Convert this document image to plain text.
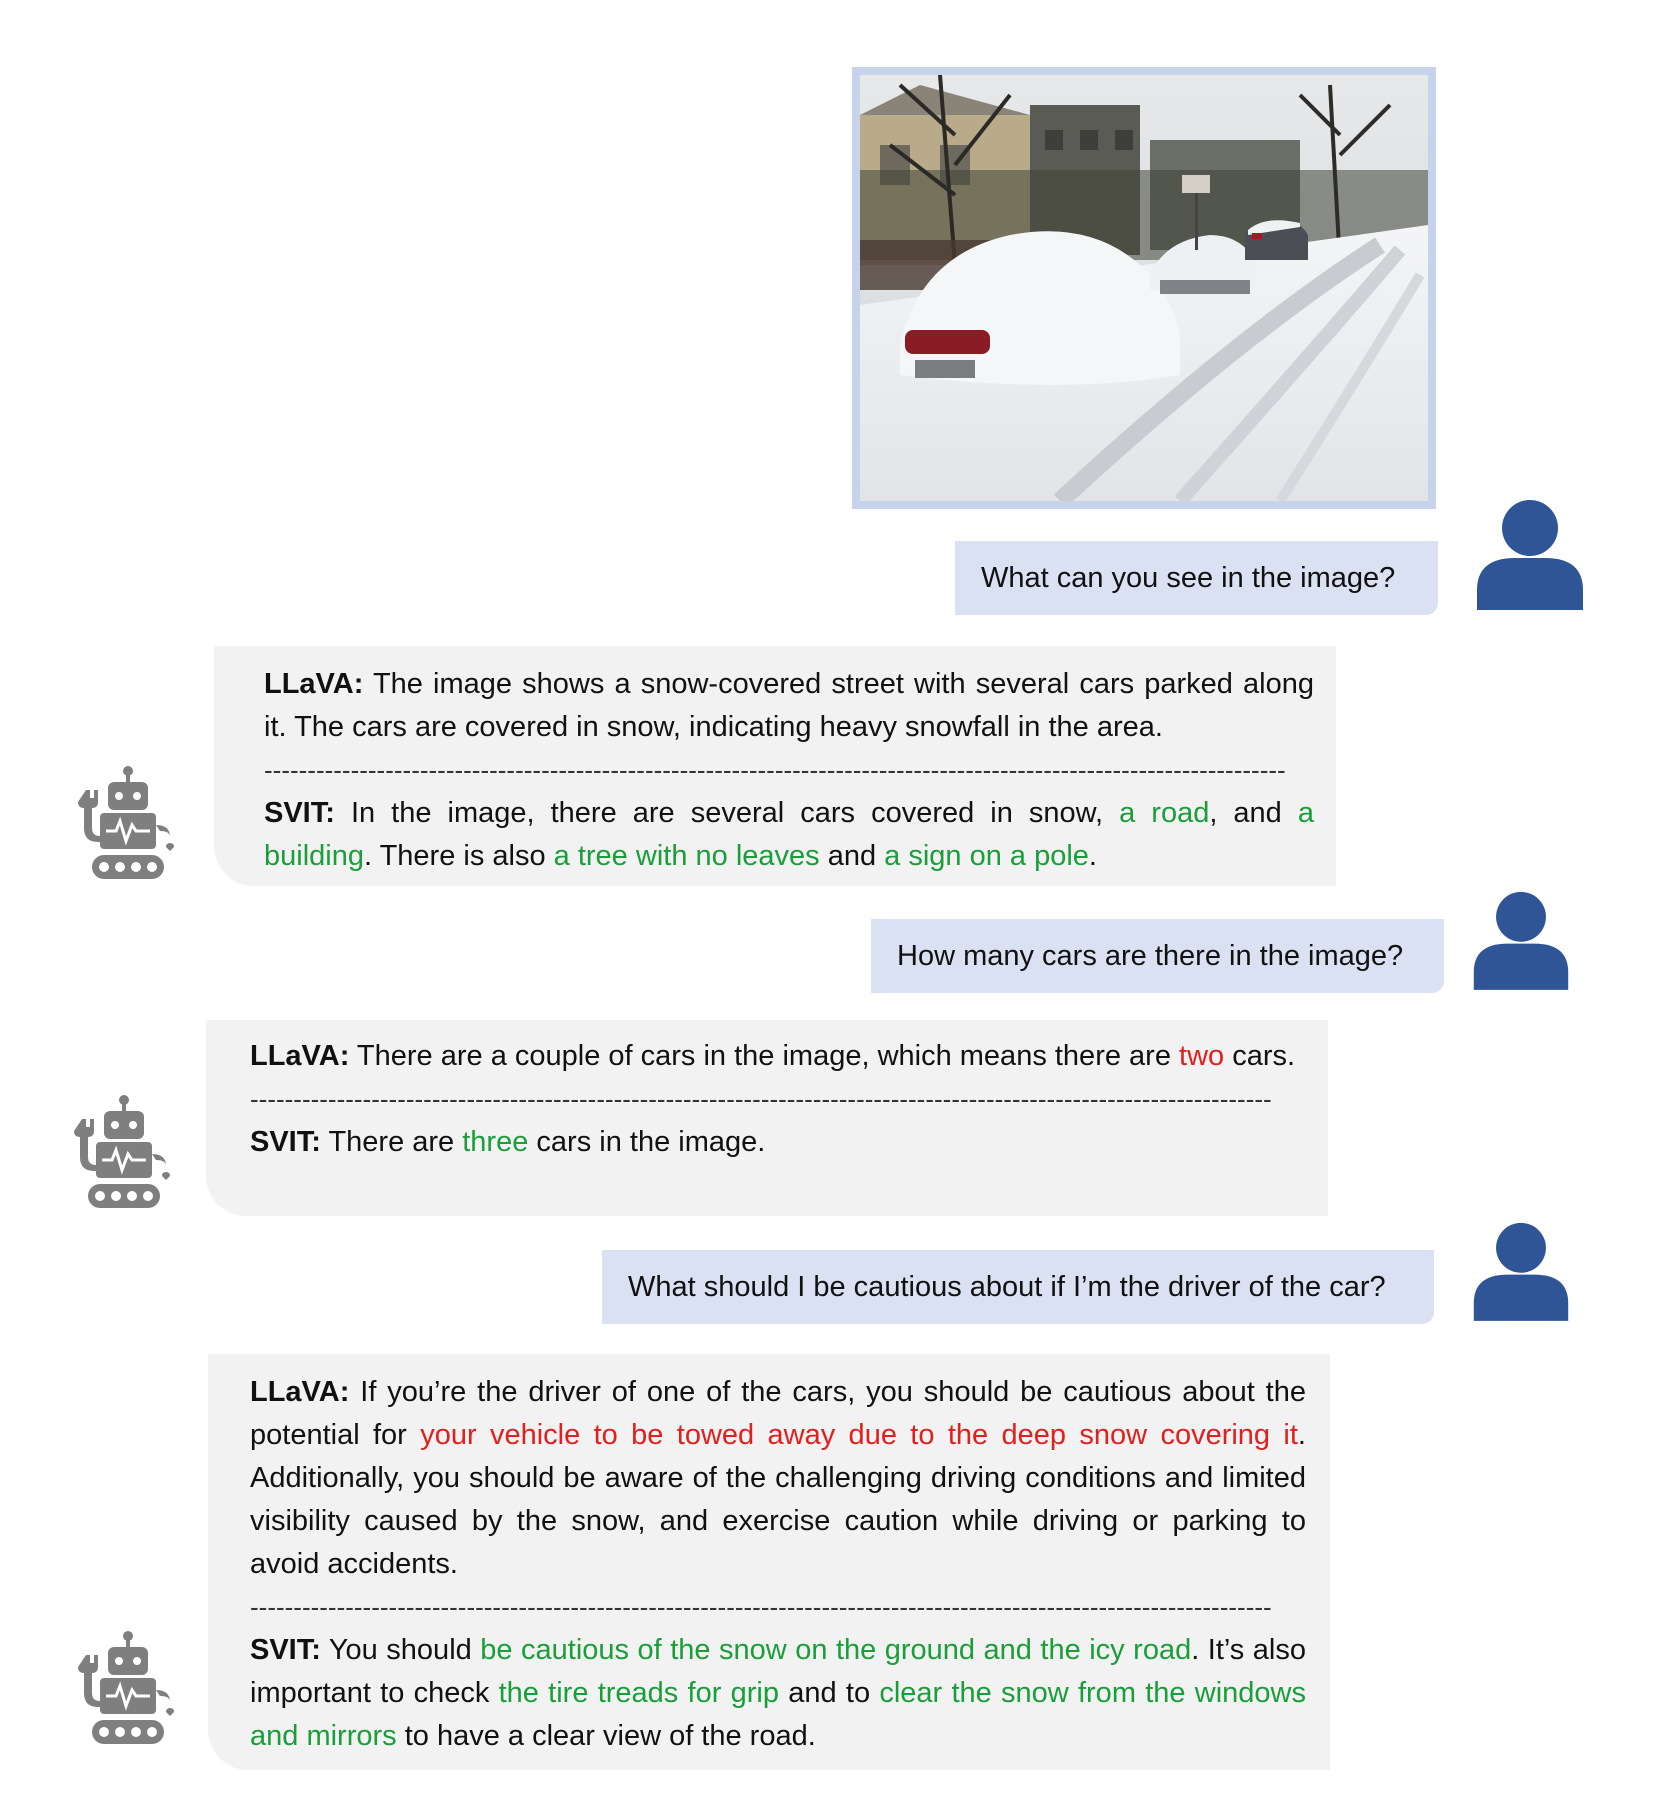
What can you see in the image?

LLaVA: The image shows a snow-covered street with several cars parked along it. The cars are covered in snow, indicating heavy snowfall in the area.

----------------------------------------------------------------------------------------------------------------------

SVIT: In the image, there are several cars covered in snow, a road, and a building. There is also a tree with no leaves and a sign on a pole.

How many cars are there in the image?

LLaVA: There are a couple of cars in the image, which means there are two cars.

----------------------------------------------------------------------------------------------------------------------

SVIT: There are three cars in the image.

What should I be cautious about if I’m the driver of the car?

LLaVA: If you’re the driver of one of the cars, you should be cautious about the potential for your vehicle to be towed away due to the deep snow covering it. Additionally, you should be aware of the challenging driving conditions and limited visibility caused by the snow, and exercise caution while driving or parking to avoid accidents.

----------------------------------------------------------------------------------------------------------------------

SVIT: You should be cautious of the snow on the ground and the icy road. It’s also important to check the tire treads for grip and to clear the snow from the windows and mirrors to have a clear view of the road.
